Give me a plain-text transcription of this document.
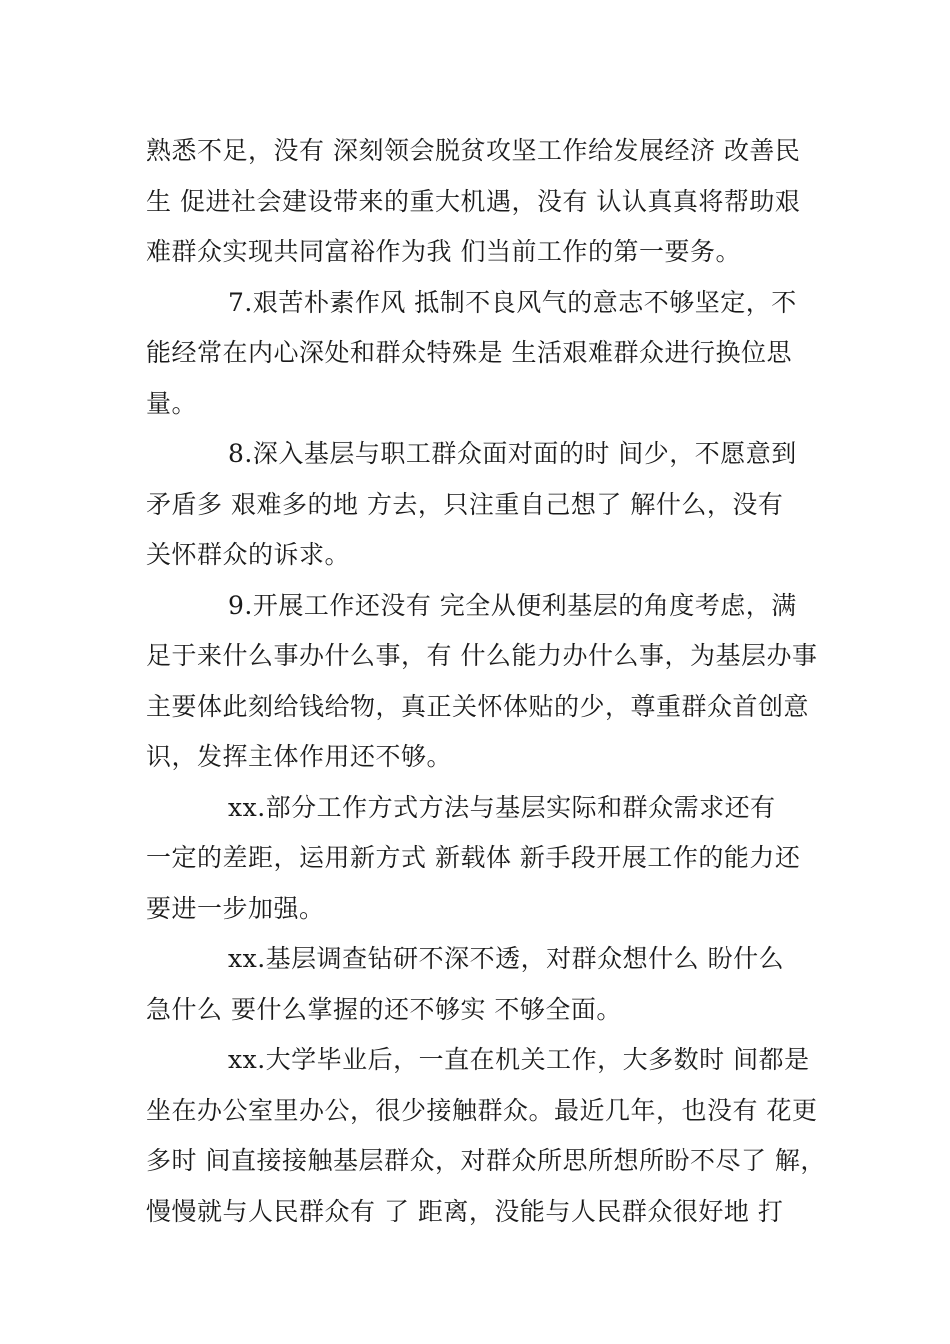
熟悉不足，没有 深刻领会脱贫攻坚工作给发展经济 改善民
生 促进社会建设带来的重大机遇，没有 认认真真将帮助艰
难群众实现共同富裕作为我 们当前工作的第一要务。
7.艰苦朴素作风 抵制不良风气的意志不够坚定，不
能经常在内心深处和群众特殊是 生活艰难群众进行换位思
量。
8.深入基层与职工群众面对面的时 间少，不愿意到
矛盾多 艰难多的地 方去，只注重自己想了 解什么，没有
关怀群众的诉求。
9.开展工作还没有 完全从便利基层的角度考虑，满
足于来什么事办什么事，有 什么能力办什么事，为基层办事
主要体此刻给钱给物，真正关怀体贴的少，尊重群众首创意
识，发挥主体作用还不够。
xx.部分工作方式方法与基层实际和群众需求还有
一定的差距，运用新方式 新载体 新手段开展工作的能力还
要进一步加强。
xx.基层调查钻研不深不透，对群众想什么 盼什么
急什么 要什么掌握的还不够实 不够全面。
xx.大学毕业后，一直在机关工作，大多数时 间都是
坐在办公室里办公，很少接触群众。最近几年，也没有 花更
多时 间直接接触基层群众，对群众所思所想所盼不尽了 解，
慢慢就与人民群众有 了 距离，没能与人民群众很好地 打
